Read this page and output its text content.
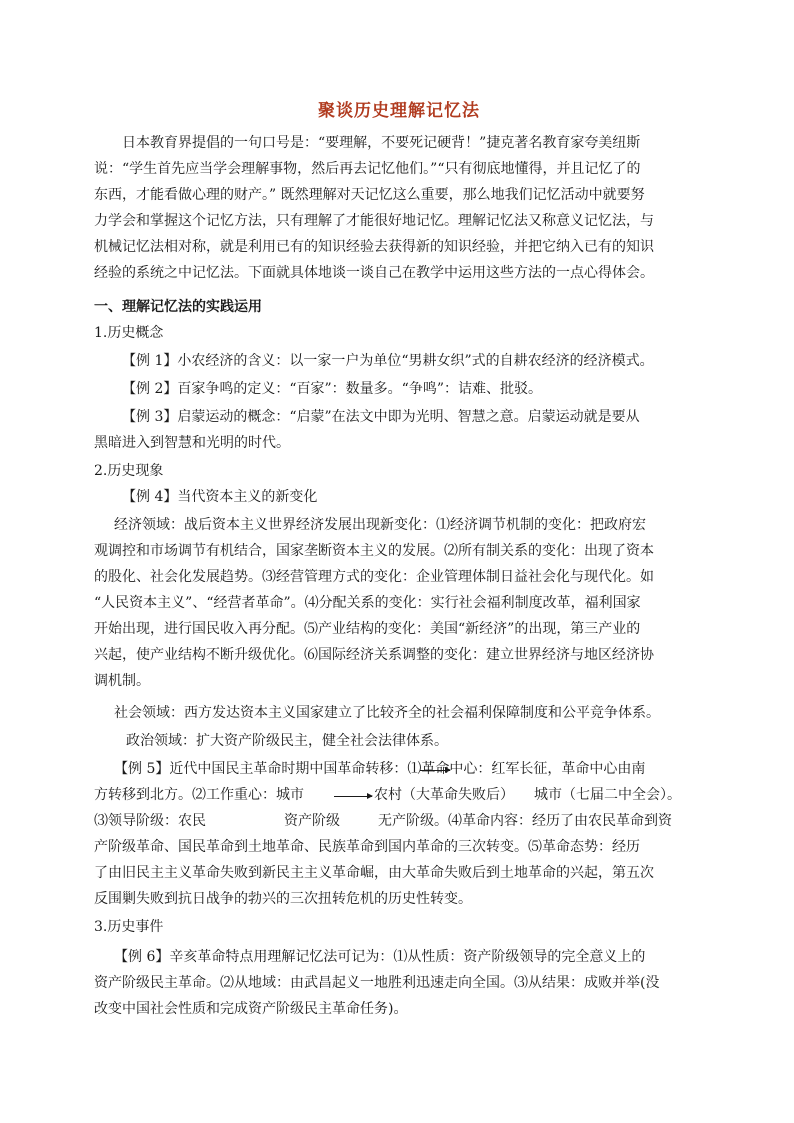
聚谈历史理解记忆法
日本教育界提倡的一句口号是：“要理解，不要死记硬背！”捷克著名教育家夸美纽斯
说：“学生首先应当学会理解事物，然后再去记忆他们。”“只有彻底地懂得，并且记忆了的
东西，才能看做心理的财产。” 既然理解对天记忆这么重要，那么地我们记忆活动中就要努
力学会和掌握这个记忆方法，只有理解了才能很好地记忆。理解记忆法又称意义记忆法，与
机械记忆法相对称，就是利用已有的知识经验去获得新的知识经验，并把它纳入已有的知识
经验的系统之中记忆法。下面就具体地谈一谈自己在教学中运用这些方法的一点心得体会。
一、理解记忆法的实践运用
1.历史概念
【例 1】小农经济的含义：以一家一户为单位“男耕女织”式的自耕农经济的经济模式。
【例 2】百家争鸣的定义：“百家”：数量多。“争鸣”：诘难、批驳。
【例 3】启蒙运动的概念：“启蒙”在法文中即为光明、智慧之意。启蒙运动就是要从
黑暗进入到智慧和光明的时代。
2.历史现象
【例 4】当代资本主义的新变化
经济领域：战后资本主义世界经济发展出现新变化：⑴经济调节机制的变化：把政府宏
观调控和市场调节有机结合，国家垄断资本主义的发展。⑵所有制关系的变化：出现了资本
的股化、社会化发展趋势。⑶经营管理方式的变化：企业管理体制日益社会化与现代化。如
“人民资本主义”、“经营者革命”。⑷分配关系的变化：实行社会福利制度改革，福利国家
开始出现，进行国民收入再分配。⑸产业结构的变化：美国“新经济”的出现，第三产业的
兴起，使产业结构不断升级优化。⑹国际经济关系调整的变化：建立世界经济与地区经济协
调机制。
社会领域：西方发达资本主义国家建立了比较齐全的社会福利保障制度和公平竞争体系。
政治领域：扩大资产阶级民主，健全社会法律体系。
【例 5】近代中国民主革命时期中国革命转移：⑴革命中心：红军长征，革命中心由南
方转移到北方。⑵工作重心：城市	农村（大革命失败后） 城市（七届二中全会）。
⑶领导阶级：农民	资产阶级	无产阶级。⑷革命内容：经历了由农民革命到资
产阶级革命、国民革命到土地革命、民族革命到国内革命的三次转变。⑸革命态势：经历
了由旧民主主义革命失败到新民主主义革命崛，由大革命失败后到土地革命的兴起，第五次
反围剿失败到抗日战争的勃兴的三次扭转危机的历史性转变。
3.历史事件
【例 6】辛亥革命特点用理解记忆法可记为：⑴从性质：资产阶级领导的完全意义上的
资产阶级民主革命。⑵从地域：由武昌起义一地胜利迅速走向全国。⑶从结果：成败并举(没
改变中国社会性质和完成资产阶级民主革命任务)。
